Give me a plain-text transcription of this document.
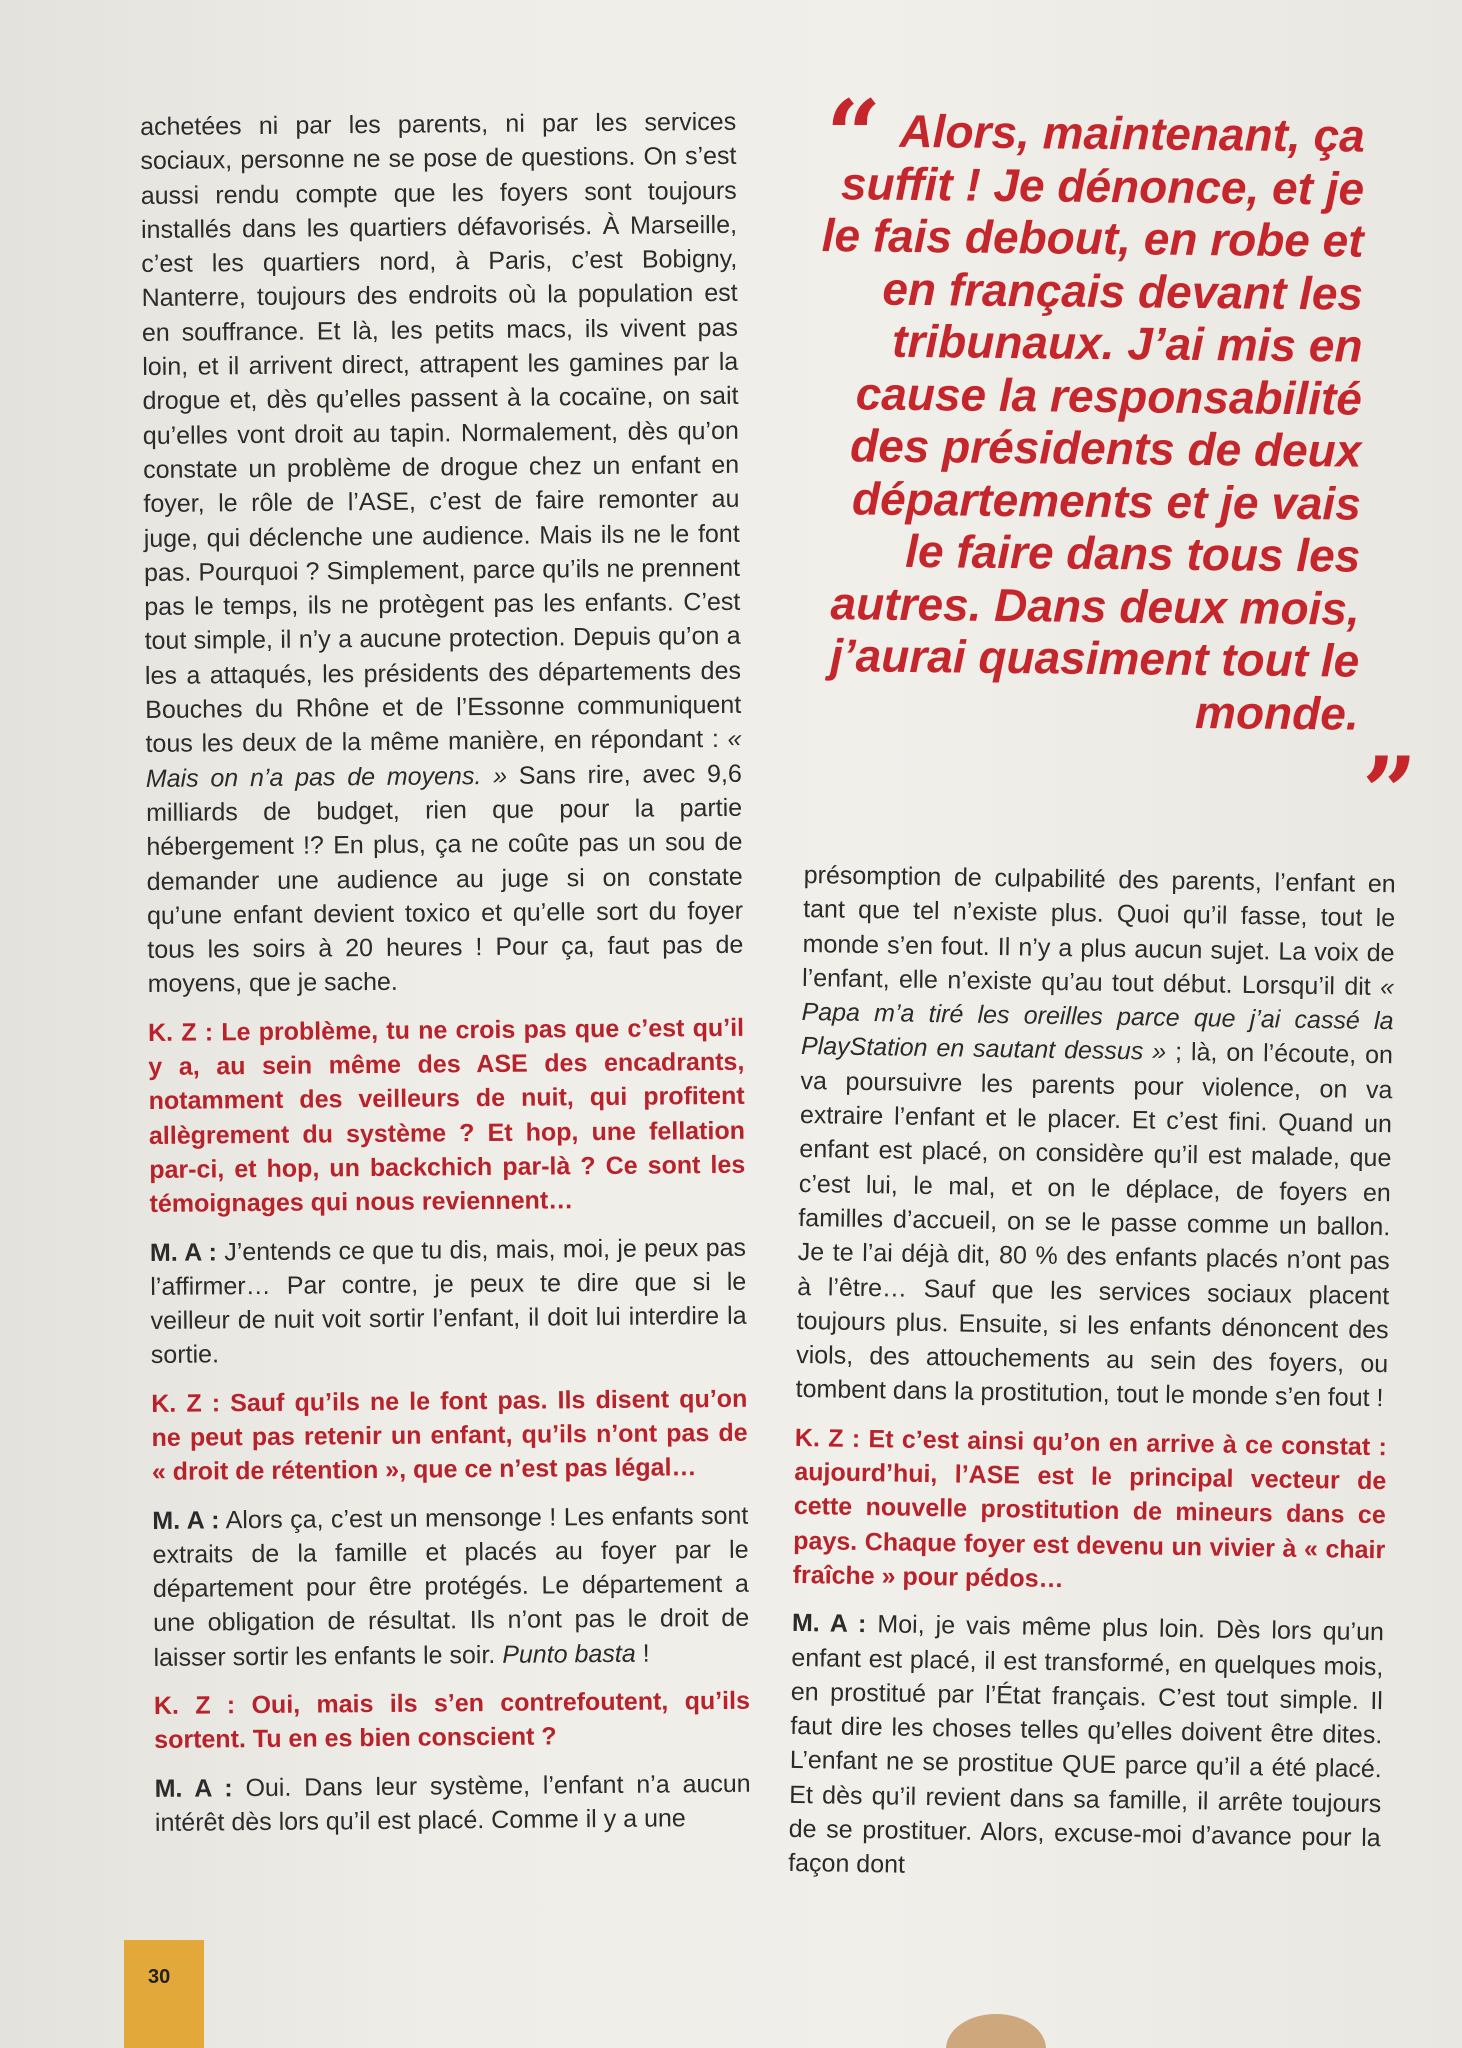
achetées ni par les parents, ni par les services sociaux, personne ne se pose de questions. On s’est aussi rendu compte que les foyers sont toujours installés dans les quartiers défavorisés. À Marseille, c’est les quartiers nord, à Paris, c’est Bobigny, Nanterre, toujours des endroits où la population est en souffrance. Et là, les petits macs, ils vivent pas loin, et il arrivent direct, attrapent les gamines par la drogue et, dès qu’elles passent à la cocaïne, on sait qu’elles vont droit au tapin. Normalement, dès qu’on constate un problème de drogue chez un enfant en foyer, le rôle de l’ASE, c’est de faire remonter au juge, qui déclenche une audience. Mais ils ne le font pas. Pourquoi ? Simplement, parce qu’ils ne prennent pas le temps, ils ne protègent pas les enfants. C’est tout simple, il n’y a aucune protection. Depuis qu’on a les a attaqués, les présidents des départements des Bouches du Rhône et de l’Essonne communiquent tous les deux de la même manière, en répondant : « Mais on n’a pas de moyens. » Sans rire, avec 9,6 milliards de budget, rien que pour la partie hébergement !? En plus, ça ne coûte pas un sou de demander une audience au juge si on constate qu’une enfant devient toxico et qu’elle sort du foyer tous les soirs à 20 heures ! Pour ça, faut pas de moyens, que je sache.

K. Z : Le problème, tu ne crois pas que c’est qu’il y a, au sein même des ASE des encadrants, notamment des veilleurs de nuit, qui profitent allègrement du système ? Et hop, une fellation par-ci, et hop, un backchich par-là ? Ce sont les témoignages qui nous reviennent…

M. A : J’entends ce que tu dis, mais, moi, je peux pas l’affirmer… Par contre, je peux te dire que si le veilleur de nuit voit sortir l’enfant, il doit lui interdire la sortie.

K. Z : Sauf qu’ils ne le font pas. Ils disent qu’on ne peut pas retenir un enfant, qu’ils n’ont pas de « droit de rétention », que ce n’est pas légal…

M. A : Alors ça, c’est un mensonge ! Les enfants sont extraits de la famille et placés au foyer par le département pour être protégés. Le département a une obligation de résultat. Ils n’ont pas le droit de laisser sortir les enfants le soir. Punto basta !

K. Z : Oui, mais ils s’en contrefoutent, qu’ils sortent. Tu en es bien conscient ?

M. A : Oui. Dans leur système, l’enfant n’a aucun intérêt dès lors qu’il est placé. Comme il y a une

“ Alors, maintenant, ça suffit ! Je dénonce, et je le fais debout, en robe et en français devant les tribunaux. J’ai mis en cause la responsabilité des présidents de deux départements et je vais le faire dans tous les autres. Dans deux mois, j’aurai quasiment tout le monde.
”

présomption de culpabilité des parents, l’enfant en tant que tel n’existe plus. Quoi qu’il fasse, tout le monde s’en fout. Il n’y a plus aucun sujet. La voix de l’enfant, elle n’existe qu’au tout début. Lorsqu’il dit « Papa m’a tiré les oreilles parce que j’ai cassé la PlayStation en sautant dessus » ; là, on l’écoute, on va poursuivre les parents pour violence, on va extraire l’enfant et le placer. Et c’est fini. Quand un enfant est placé, on considère qu’il est malade, que c’est lui, le mal, et on le déplace, de foyers en familles d’accueil, on se le passe comme un ballon. Je te l’ai déjà dit, 80 % des enfants placés n’ont pas à l’être… Sauf que les services sociaux placent toujours plus. Ensuite, si les enfants dénoncent des viols, des attouchements au sein des foyers, ou tombent dans la prostitution, tout le monde s’en fout !

K. Z : Et c’est ainsi qu’on en arrive à ce constat : aujourd’hui, l’ASE est le principal vecteur de cette nouvelle prostitution de mineurs dans ce pays. Chaque foyer est devenu un vivier à « chair fraîche » pour pédos…

M. A : Moi, je vais même plus loin. Dès lors qu’un enfant est placé, il est transformé, en quelques mois, en prostitué par l’État français. C’est tout simple. Il faut dire les choses telles qu’elles doivent être dites. L’enfant ne se prostitue QUE parce qu’il a été placé. Et dès qu’il revient dans sa famille, il arrête toujours de se prostituer. Alors, excuse-moi d’avance pour la façon dont

30
